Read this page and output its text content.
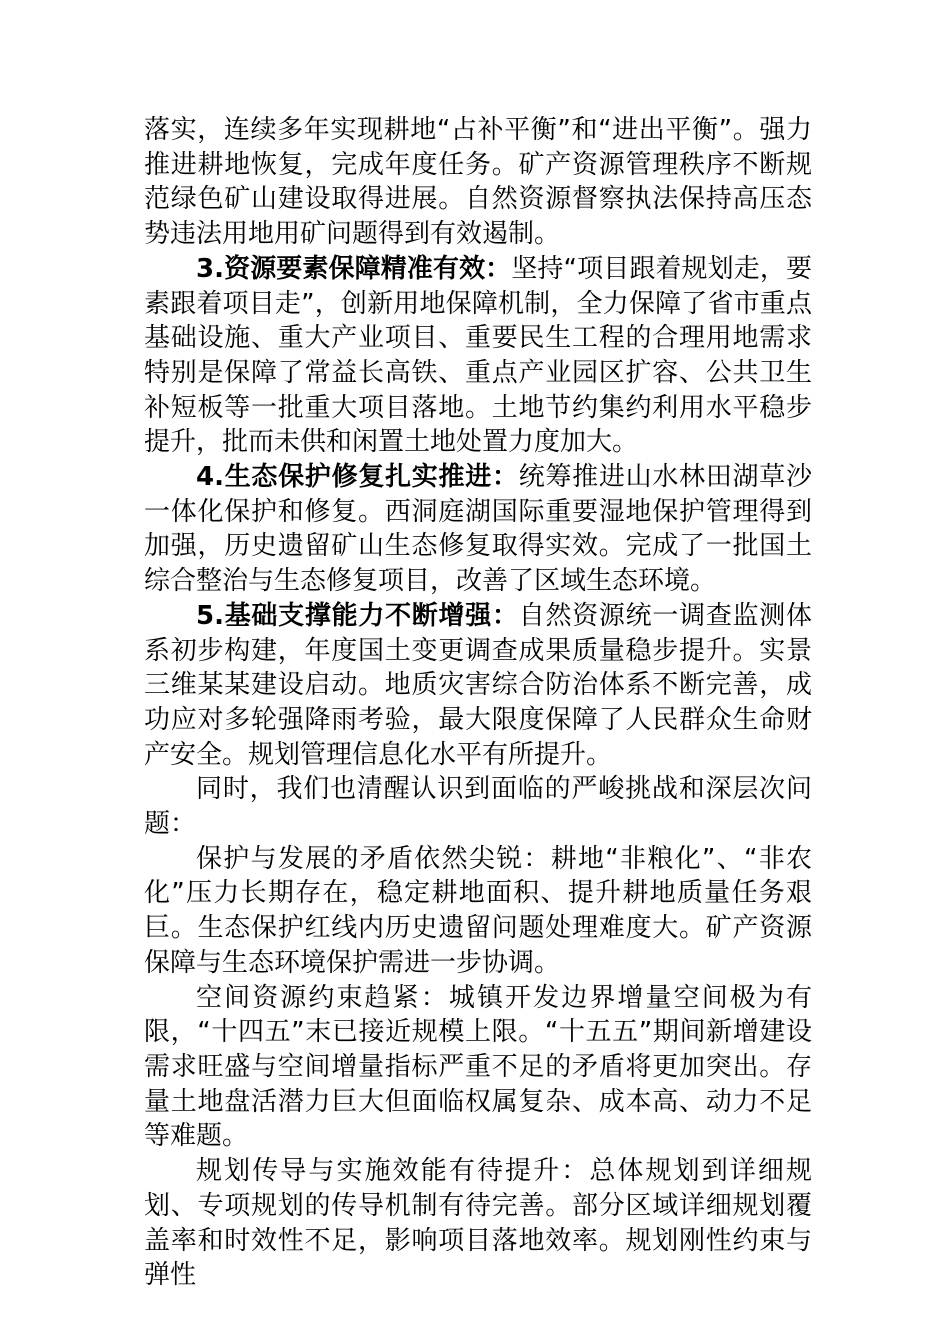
落实，连续多年实现耕地“占补平衡”和“进出平衡”。强力推进耕地恢复，完成年度任务。矿产资源管理秩序不断规范绿色矿山建设取得进展。自然资源督察执法保持高压态势违法用地用矿问题得到有效遏制。

3.资源要素保障精准有效：坚持“项目跟着规划走，要素跟着项目走”，创新用地保障机制，全力保障了省市重点基础设施、重大产业项目、重要民生工程的合理用地需求特别是保障了常益长高铁、重点产业园区扩容、公共卫生补短板等一批重大项目落地。土地节约集约利用水平稳步提升，批而未供和闲置土地处置力度加大。

4.生态保护修复扎实推进：统筹推进山水林田湖草沙一体化保护和修复。西洞庭湖国际重要湿地保护管理得到加强，历史遗留矿山生态修复取得实效。完成了一批国土综合整治与生态修复项目，改善了区域生态环境。

5.基础支撑能力不断增强：自然资源统一调查监测体系初步构建，年度国土变更调查成果质量稳步提升。实景三维某某建设启动。地质灾害综合防治体系不断完善，成功应对多轮强降雨考验，最大限度保障了人民群众生命财产安全。规划管理信息化水平有所提升。

同时，我们也清醒认识到面临的严峻挑战和深层次问题：

保护与发展的矛盾依然尖锐：耕地“非粮化”、“非农化”压力长期存在，稳定耕地面积、提升耕地质量任务艰巨。生态保护红线内历史遗留问题处理难度大。矿产资源保障与生态环境保护需进一步协调。

空间资源约束趋紧：城镇开发边界增量空间极为有限，“十四五”末已接近规模上限。“十五五”期间新增建设需求旺盛与空间增量指标严重不足的矛盾将更加突出。存量土地盘活潜力巨大但面临权属复杂、成本高、动力不足等难题。

规划传导与实施效能有待提升：总体规划到详细规划、专项规划的传导机制有待完善。部分区域详细规划覆盖率和时效性不足，影响项目落地效率。规划刚性约束与弹性
